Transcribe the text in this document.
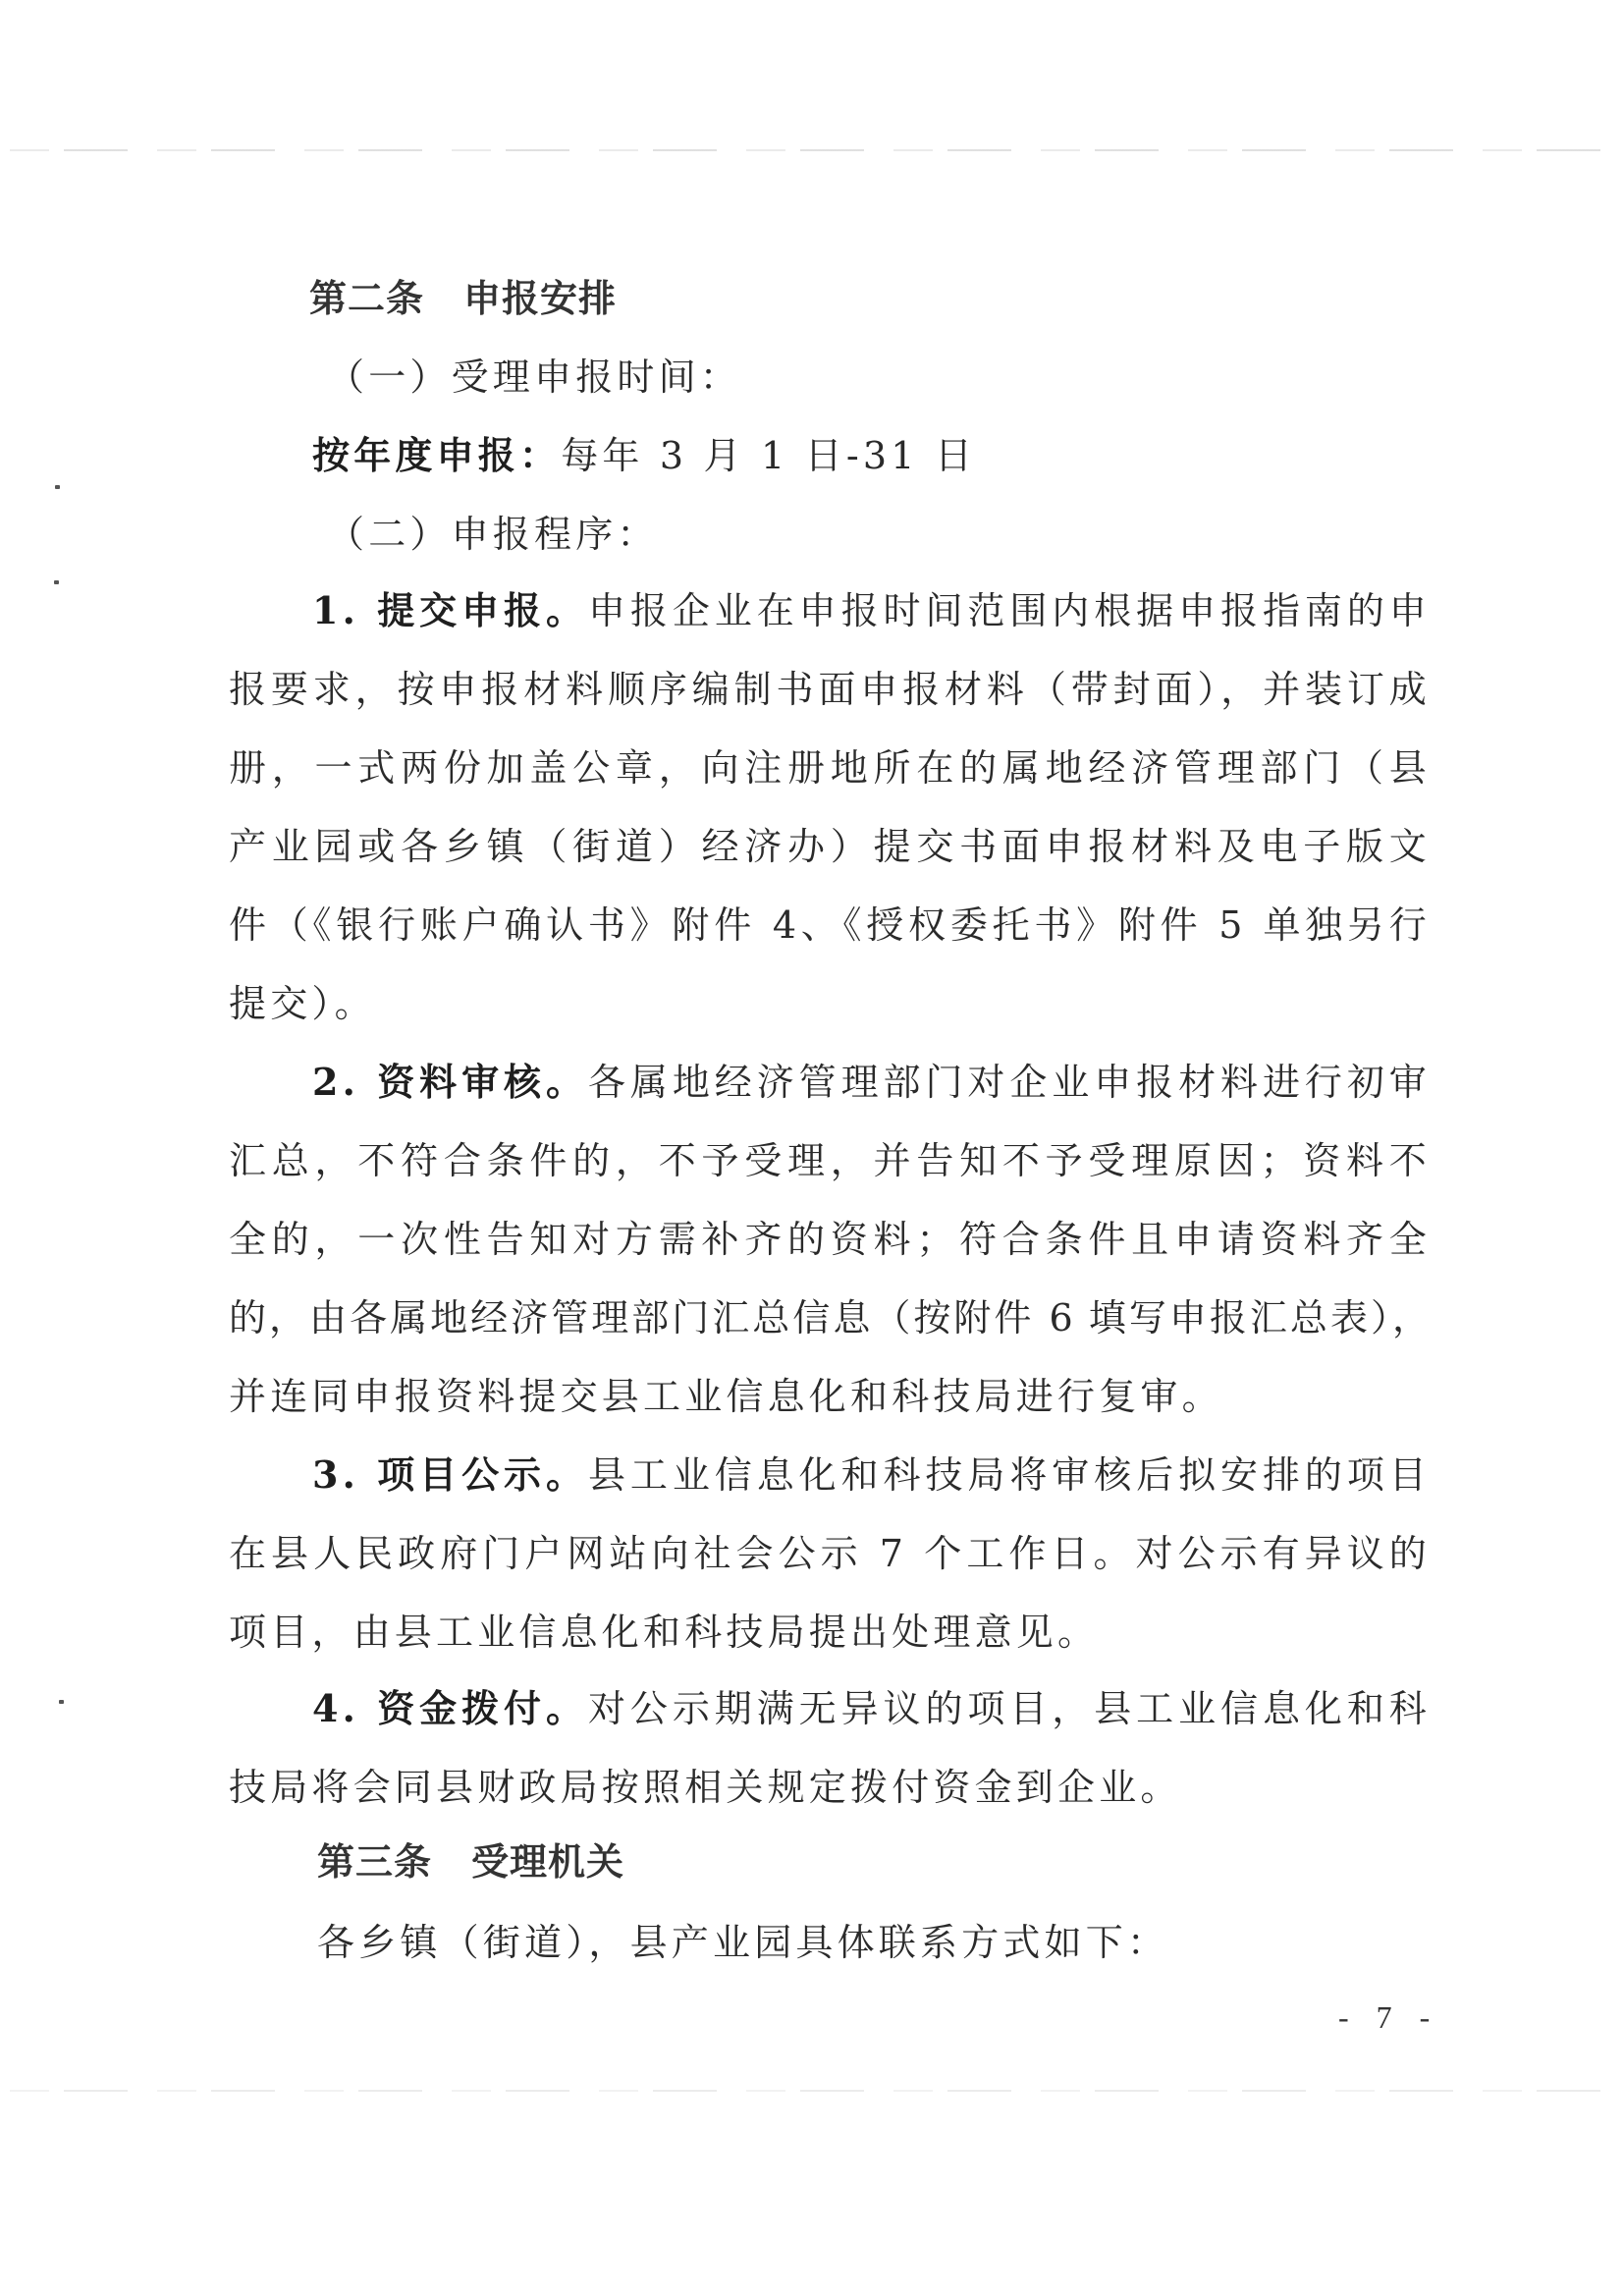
第二条 申报安排
（一）受理申报时间：
按年度申报：每年 3 月 1 日-31 日
（二）申报程序：
1. 提交申报。申报企业在申报时间范围内根据申报指南的申
报要求，按申报材料顺序编制书面申报材料（带封面），并装订成
册，一式两份加盖公章，向注册地所在的属地经济管理部门（县
产业园或各乡镇（街道）经济办）提交书面申报材料及电子版文
件（《银行账户确认书》附件 4、《授权委托书》附件 5 单独另行
提交）。
2. 资料审核。各属地经济管理部门对企业申报材料进行初审
汇总，不符合条件的，不予受理，并告知不予受理原因；资料不
全的，一次性告知对方需补齐的资料；符合条件且申请资料齐全
的，由各属地经济管理部门汇总信息（按附件 6 填写申报汇总表），
并连同申报资料提交县工业信息化和科技局进行复审。
3. 项目公示。县工业信息化和科技局将审核后拟安排的项目
在县人民政府门户网站向社会公示 7 个工作日。对公示有异议的
项目，由县工业信息化和科技局提出处理意见。
4. 资金拨付。对公示期满无异议的项目，县工业信息化和科
技局将会同县财政局按照相关规定拨付资金到企业。
第三条 受理机关
各乡镇（街道），县产业园具体联系方式如下：
- 7 -
